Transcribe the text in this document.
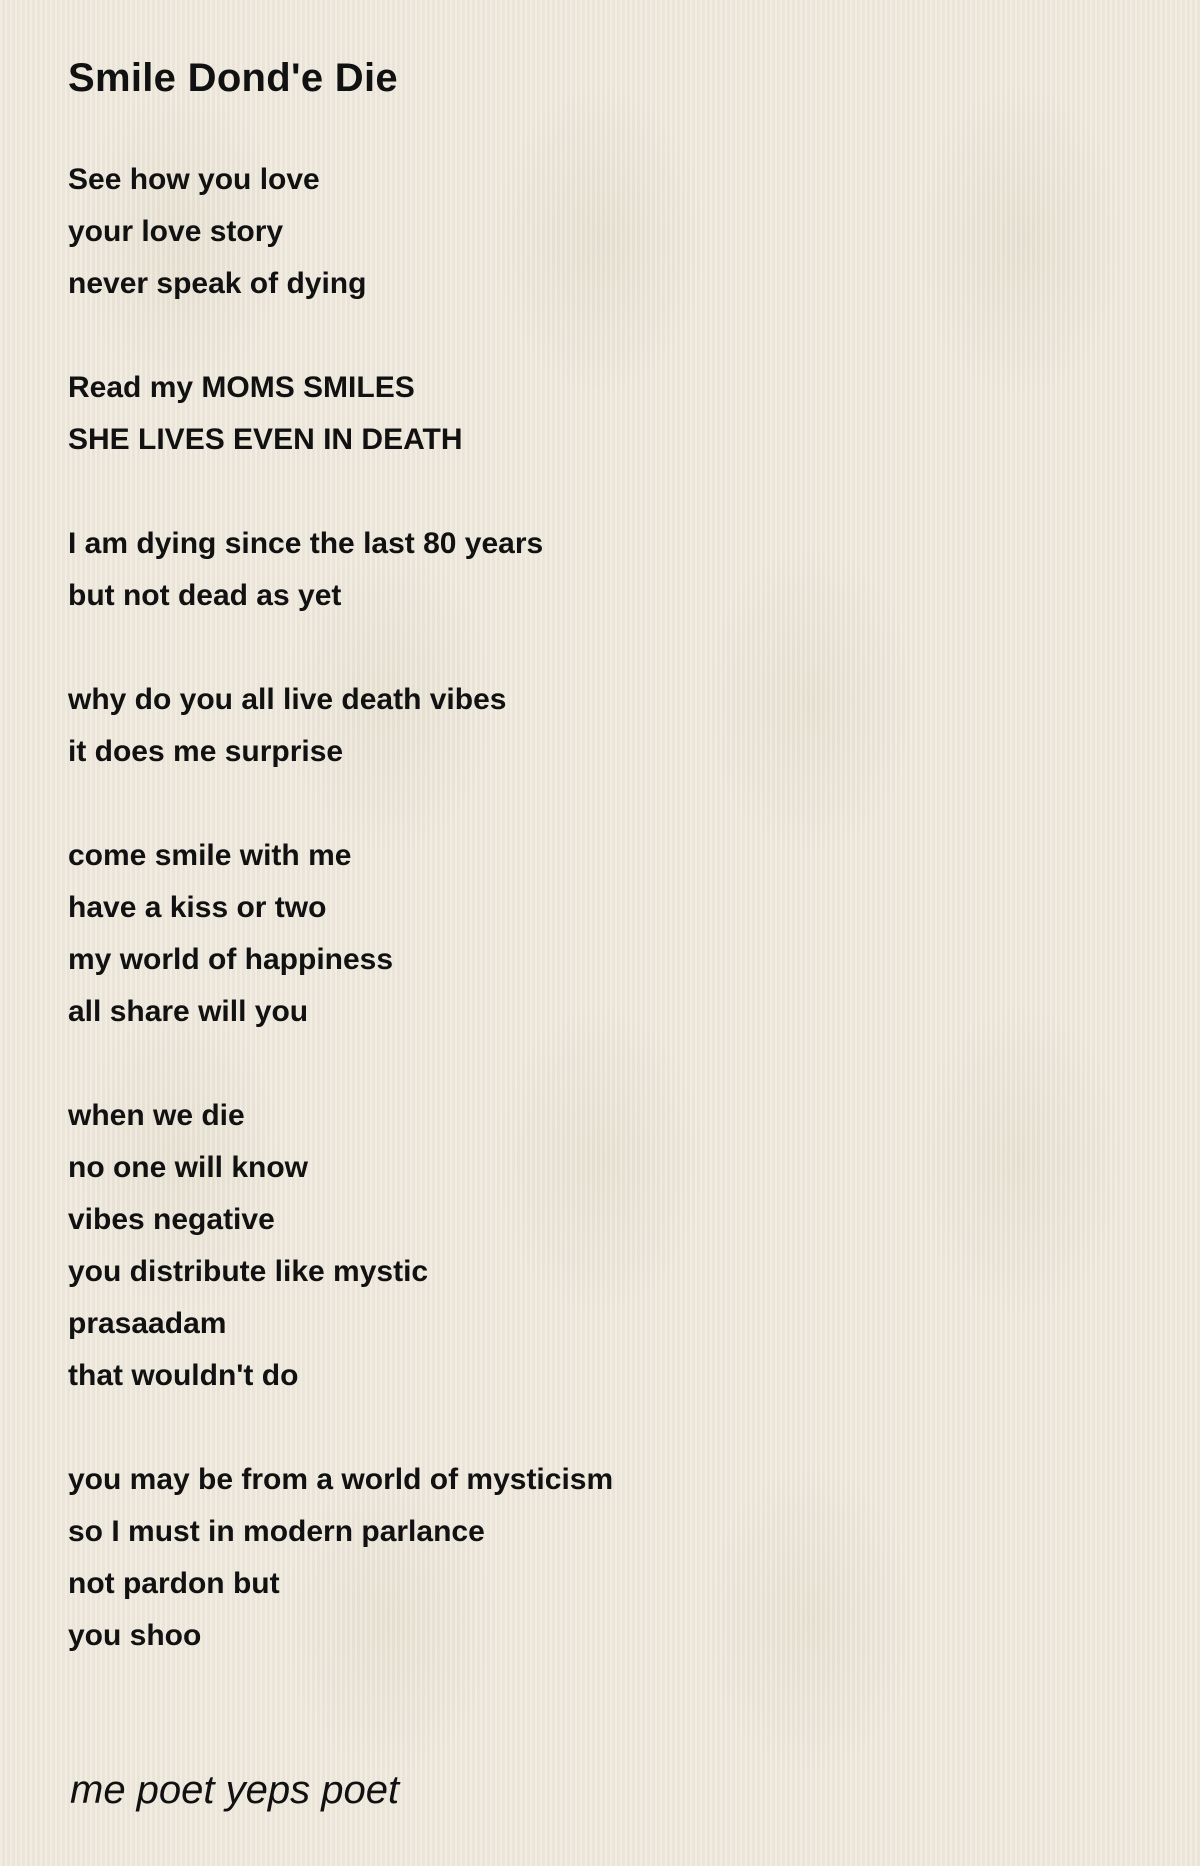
Smile Dond'e Die
See how you love
your love story
never speak of dying
Read my MOMS SMILES
SHE LIVES EVEN IN DEATH
I am dying since the last 80 years
but not dead as yet
why do you all live death vibes
it does me surprise
come smile with me
have a kiss or two
my world of happiness
all share will you
when we die
no one will know
vibes negative
you distribute like mystic
prasaadam
that wouldn't do
you may be from a world of mysticism
so I must in modern parlance
not pardon but
you shoo
me poet yeps poet
